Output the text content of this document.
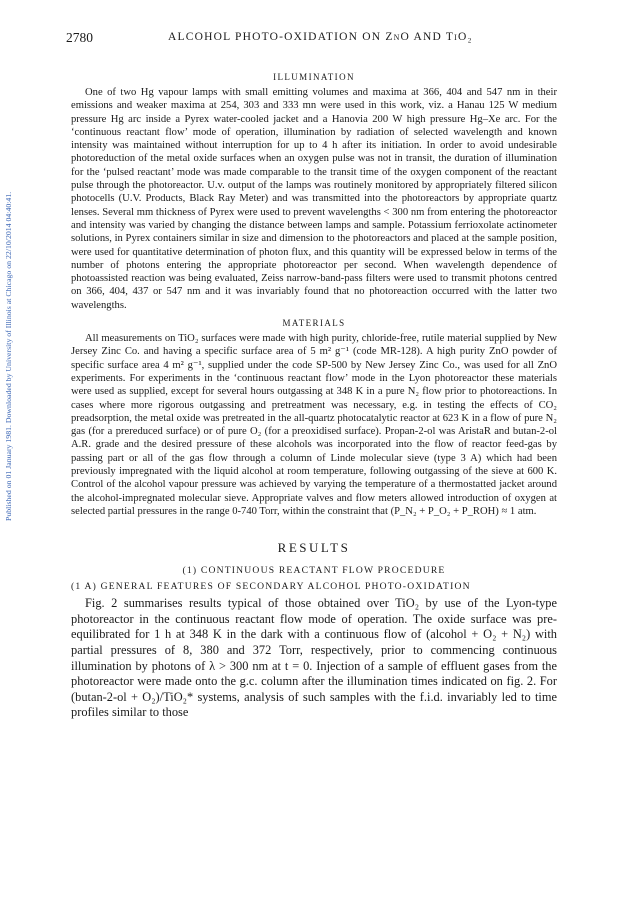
Published on 01 January 1981. Downloaded by University of Illinois at Chicago on 22/10/2014 04:40:41.
2780	ALCOHOL PHOTO-OXIDATION ON ZnO AND TiO₂
ILLUMINATION

One of two Hg vapour lamps with small emitting volumes and maxima at 366, 404 and 547 nm in their emissions and weaker maxima at 254, 303 and 333 mn were used in this work, viz. a Hanau 125 W medium pressure Hg arc inside a Pyrex water-cooled jacket and a Hanovia 200 W high pressure Hg–Xe arc. For the ‘continuous reactant flow’ mode of operation, illumination by radiation of selected wavelength and known intensity was maintained without interruption for up to 4 h after its initiation. In order to avoid undesirable photoreduction of the metal oxide surfaces when an oxygen pulse was not in transit, the duration of illumination for the ‘pulsed reactant’ mode was made comparable to the transit time of the oxygen component of the reactant pulse through the photoreactor. U.v. output of the lamps was routinely monitored by appropriately filtered silicon photocells (U.V. Products, Black Ray Meter) and was transmitted into the photoreactors by appropriate quartz lenses. Several mm thickness of Pyrex were used to prevent wavelengths < 300 nm from entering the photoreactor and intensity was varied by changing the distance between lamps and sample. Potassium ferrioxolate actinometer solutions, in Pyrex containers similar in size and dimension to the photoreactors and placed at the sample position, were used for quantitative determination of photon flux, and this quantity will be expressed below in terms of the number of photons entering the appropriate photoreactor per second. When wavelength dependence of photoassisted reaction was being evaluated, Zeiss narrow-band-pass filters were used to transmit photons centred on 366, 404, 437 or 547 nm and it was invariably found that no photoreaction occurred with the latter two wavelengths.

MATERIALS

All measurements on TiO₂ surfaces were made with high purity, chloride-free, rutile material supplied by New Jersey Zinc Co. and having a specific surface area of 5 m² g⁻¹ (code MR-128). A high purity ZnO powder of specific surface area 4 m² g⁻¹, supplied under the code SP-500 by New Jersey Zinc Co., was used for all ZnO experiments. For experiments in the ‘continuous reactant flow’ mode in the Lyon photoreactor these materials were used as supplied, except for several hours outgassing at 348 K in a pure N₂ flow prior to photoreactions. In cases where more rigorous outgassing and pretreatment was necessary, e.g. in testing the effects of CO₂ preadsorption, the metal oxide was pretreated in the all-quartz photocatalytic reactor at 623 K in a flow of pure N₂ gas (for a prereduced surface) or of pure O₂ (for a preoxidised surface). Propan-2-ol was AristaR and butan-2-ol A.R. grade and the desired pressure of these alcohols was incorporated into the flow of reactor feed-gas by passing part or all of the gas flow through a column of Linde molecular sieve (type 3 A) which had been previously impregnated with the liquid alcohol at room temperature, following outgassing of the sieve at 600 K. Control of the alcohol vapour pressure was achieved by varying the temperature of a thermostatted jacket around the alcohol-impregnated molecular sieve. Appropriate valves and flow meters allowed introduction of oxygen at selected partial pressures in the range 0-740 Torr, within the constraint that (P_N₂ + P_O₂ + P_ROH) ≈ 1 atm.

RESULTS
(1) CONTINUOUS REACTANT FLOW PROCEDURE
(1 A) GENERAL FEATURES OF SECONDARY ALCOHOL PHOTO-OXIDATION

Fig. 2 summarises results typical of those obtained over TiO₂ by use of the Lyon-type photoreactor in the continuous reactant flow mode of operation. The oxide surface was pre-equilibrated for 1 h at 348 K in the dark with a continuous flow of (alcohol + O₂ + N₂) with partial pressures of 8, 380 and 372 Torr, respectively, prior to commencing continuous illumination by photons of λ > 300 nm at t = 0. Injection of a sample of effluent gases from the photoreactor were made onto the g.c. column after the illumination times indicated on fig. 2. For (butan-2-ol + O₂)/TiO₂* systems, analysis of such samples with the f.i.d. invariably led to time profiles similar to those
